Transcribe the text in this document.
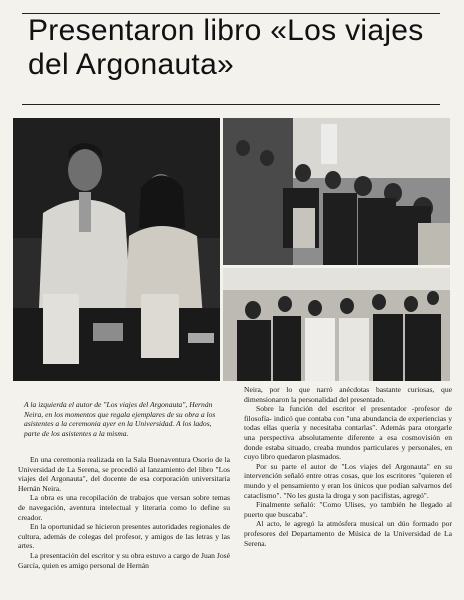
Presentaron libro «Los viajes del Argonauta»

A la izquierda el autor de "Los viajes del Argonauta", Hernán Neira, en los momentos que regala ejemplares de su obra a los asistentes a la ceremonia ayer en la Universidad. A los lados, parte de los asistentes a la misma.

En una ceremonia realizada en la Sala Buenaventura Osorio de la Universidad de La Serena, se procedió al lanzamiento del libro "Los viajes del Argonauta", del docente de esa corporación universitaria Hernán Neira.

La obra es una recopilación de trabajos que versan sobre temas de navegación, aventura intelectual y literaria como lo define su creador.

En la oportunidad se hicieron presentes autoridades regionales de cultura, además de colegas del profesor, y amigos de las letras y las artes.

La presentación del escritor y su obra estuvo a cargo de Juan José García, quien es amigo personal de Hernán

Neira, por lo que narró anécdotas bastante curiosas, que dimensionaron la personalidad del presentado.

Sobre la función del escritor el presentador -profesor de filosofía- indicó que contaba con "una abundancia de experiencias y todas ellas quería y necesitaba contarlas". Además para otorgarle una perspectiva absolutamente diferente a esa cosmovisión en donde estaba situado, creaba mundos particulares y personales, en cuyo libro quedaron plasmados.

Por su parte el autor de "Los viajes del Argonauta" en su intervención señaló entre otras cosas, que los escritores "quieren el mundo y el pensamiento y eran los únicos que podían salvarnos del cataclismo". "No les gusta la droga y son pacifistas, agregó".

Finalmente señaló: "Como Ulises, yo también he llegado al puerto que buscaba".

Al acto, le agregó la atmósfera musical un dúo formado por profesores del Departamento de Música de la Universidad de La Serena.
